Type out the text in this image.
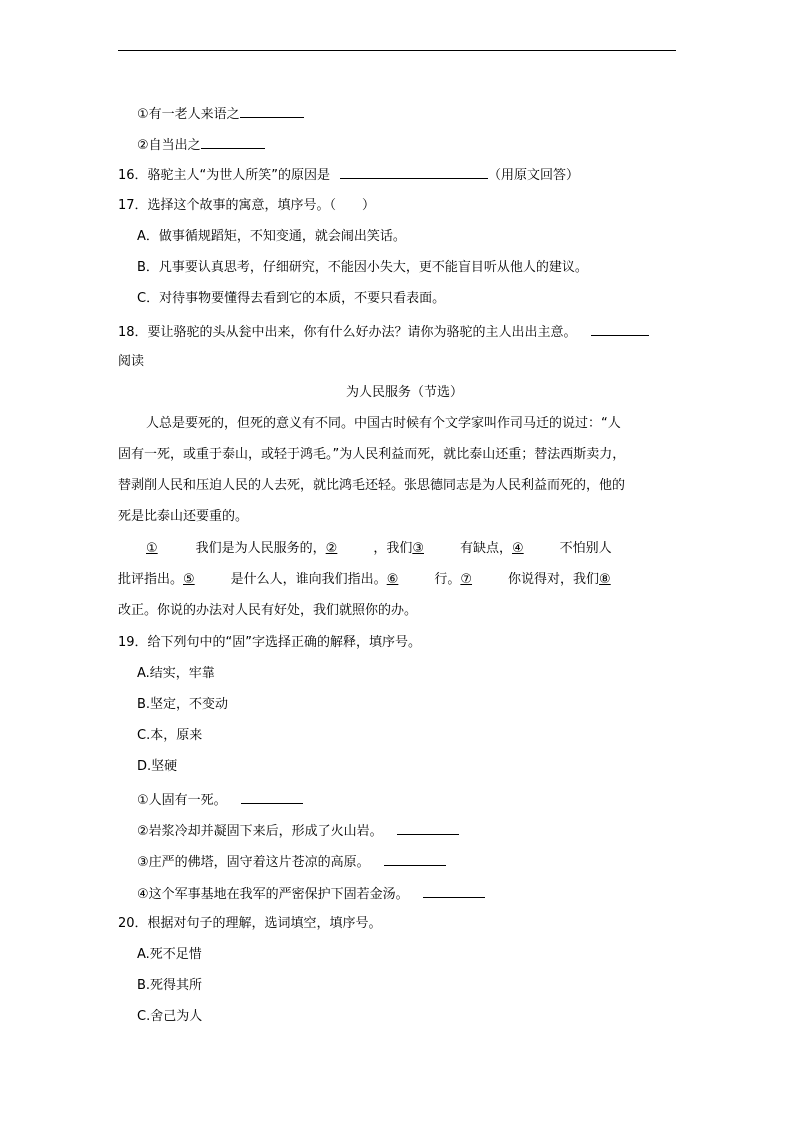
①有一老人来语之
②自当出之
16．骆驼主人“为世人所笑”的原因是	（用原文回答）
17．选择这个故事的寓意，填序号。（　　）
A．做事循规蹈矩，不知变通，就会闹出笑话。
B．凡事要认真思考，仔细研究，不能因小失大，更不能盲目听从他人的建议。
C．对待事物要懂得去看到它的本质，不要只看表面。
18．要让骆驼的头从瓮中出来，你有什么好办法？请你为骆驼的主人出出主意。
阅读
为人民服务（节选）
人总是要死的，但死的意义有不同。中国古时候有个文学家叫作司马迁的说过：“人
固有一死，或重于泰山，或轻于鸿毛。”为人民利益而死，就比泰山还重；替法西斯卖力，
替剥削人民和压迫人民的人去死，就比鸿毛还轻。张思德同志是为人民利益而死的，他的
死是比泰山还要重的。
①	我们是为人民服务的，②	，我们③	有缺点，④	不怕别人
批评指出。⑤	是什么人，谁向我们指出。⑥	行。⑦	你说得对，我们⑧
改正。你说的办法对人民有好处，我们就照你的办。
19．给下列句中的“固”字选择正确的解释，填序号。
A.结实，牢靠
B.坚定，不变动
C.本，原来
D.坚硬
①人固有一死。
②岩浆冷却并凝固下来后，形成了火山岩。
③庄严的佛塔，固守着这片苍凉的高原。
④这个军事基地在我军的严密保护下固若金汤。
20．根据对句子的理解，选词填空，填序号。
A.死不足惜
B.死得其所
C.舍己为人
